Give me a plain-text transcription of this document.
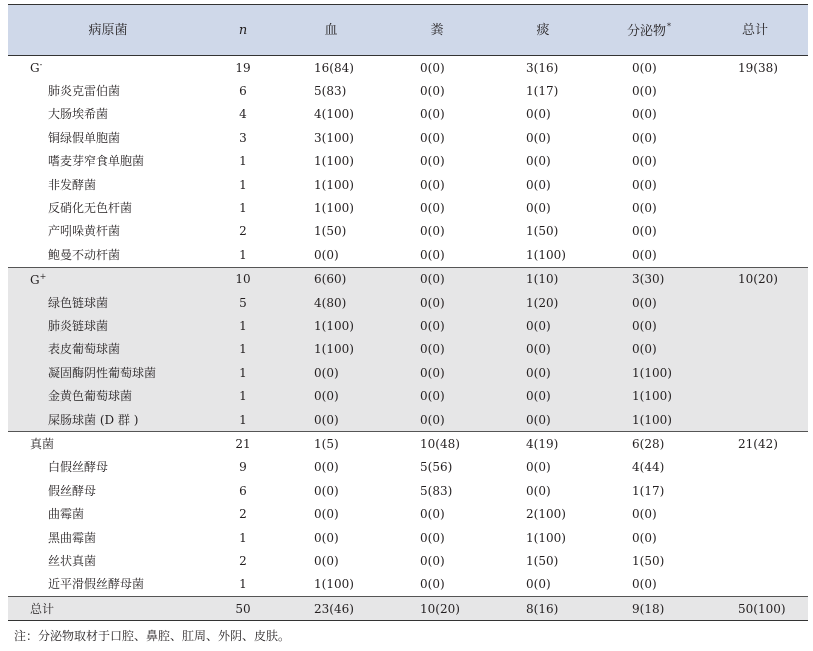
病原菌	n	血	粪	痰	分泌物*	总计
G-	19	16(84)	0(0)	3(16)	0(0)	19(38)
肺炎克雷伯菌	6	5(83)	0(0)	1(17)	0(0)	
大肠埃希菌	4	4(100)	0(0)	0(0)	0(0)	
铜绿假单胞菌	3	3(100)	0(0)	0(0)	0(0)	
嗜麦芽窄食单胞菌	1	1(100)	0(0)	0(0)	0(0)	
非发酵菌	1	1(100)	0(0)	0(0)	0(0)	
反硝化无色杆菌	1	1(100)	0(0)	0(0)	0(0)	
产吲哚黄杆菌	2	1(50)	0(0)	1(50)	0(0)	
鲍曼不动杆菌	1	0(0)	0(0)	1(100)	0(0)	
G+	10	6(60)	0(0)	1(10)	3(30)	10(20)
绿色链球菌	5	4(80)	0(0)	1(20)	0(0)	
肺炎链球菌	1	1(100)	0(0)	0(0)	0(0)	
表皮葡萄球菌	1	1(100)	0(0)	0(0)	0(0)	
凝固酶阴性葡萄球菌	1	0(0)	0(0)	0(0)	1(100)	
金黄色葡萄球菌	1	0(0)	0(0)	0(0)	1(100)	
屎肠球菌 (D 群 )	1	0(0)	0(0)	0(0)	1(100)	
真菌	21	1(5)	10(48)	4(19)	6(28)	21(42)
白假丝酵母	9	0(0)	5(56)	0(0)	4(44)	
假丝酵母	6	0(0)	5(83)	0(0)	1(17)	
曲霉菌	2	0(0)	0(0)	2(100)	0(0)	
黑曲霉菌	1	0(0)	0(0)	1(100)	0(0)	
丝状真菌	2	0(0)	0(0)	1(50)	1(50)	
近平滑假丝酵母菌	1	1(100)	0(0)	0(0)	0(0)	
总计	50	23(46)	10(20)	8(16)	9(18)	50(100)
注：分泌物取材于口腔、鼻腔、肛周、外阴、皮肤。
